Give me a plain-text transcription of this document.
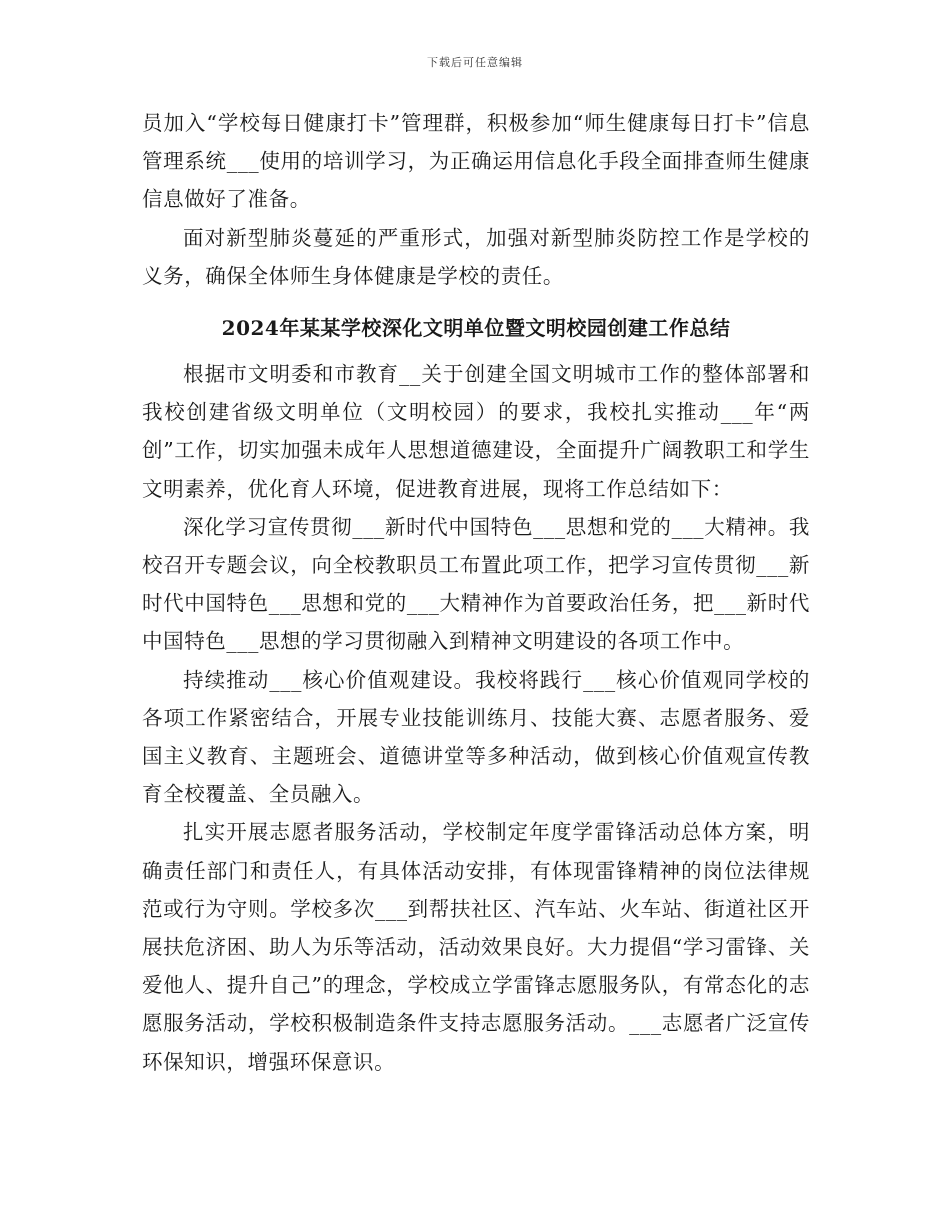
下载后可任意编辑

员加入“学校每日健康打卡”管理群，积极参加“师生健康每日打卡”信息管理系统___使用的培训学习，为正确运用信息化手段全面排查师生健康信息做好了准备。

面对新型肺炎蔓延的严重形式，加强对新型肺炎防控工作是学校的义务，确保全体师生身体健康是学校的责任。

2024年某某学校深化文明单位暨文明校园创建工作总结

根据市文明委和市教育__关于创建全国文明城市工作的整体部署和我校创建省级文明单位（文明校园）的要求，我校扎实推动___年“两创”工作，切实加强未成年人思想道德建设，全面提升广阔教职工和学生文明素养，优化育人环境，促进教育进展，现将工作总结如下：

深化学习宣传贯彻___新时代中国特色___思想和党的___大精神。我校召开专题会议，向全校教职员工布置此项工作，把学习宣传贯彻___新时代中国特色___思想和党的___大精神作为首要政治任务，把___新时代中国特色___思想的学习贯彻融入到精神文明建设的各项工作中。

持续推动___核心价值观建设。我校将践行___核心价值观同学校的各项工作紧密结合，开展专业技能训练月、技能大赛、志愿者服务、爱国主义教育、主题班会、道德讲堂等多种活动，做到核心价值观宣传教育全校覆盖、全员融入。

扎实开展志愿者服务活动，学校制定年度学雷锋活动总体方案，明确责任部门和责任人，有具体活动安排，有体现雷锋精神的岗位法律规范或行为守则。学校多次___到帮扶社区、汽车站、火车站、街道社区开展扶危济困、助人为乐等活动，活动效果良好。大力提倡“学习雷锋、关爱他人、提升自己”的理念，学校成立学雷锋志愿服务队，有常态化的志愿服务活动，学校积极制造条件支持志愿服务活动。___志愿者广泛宣传环保知识，增强环保意识。
